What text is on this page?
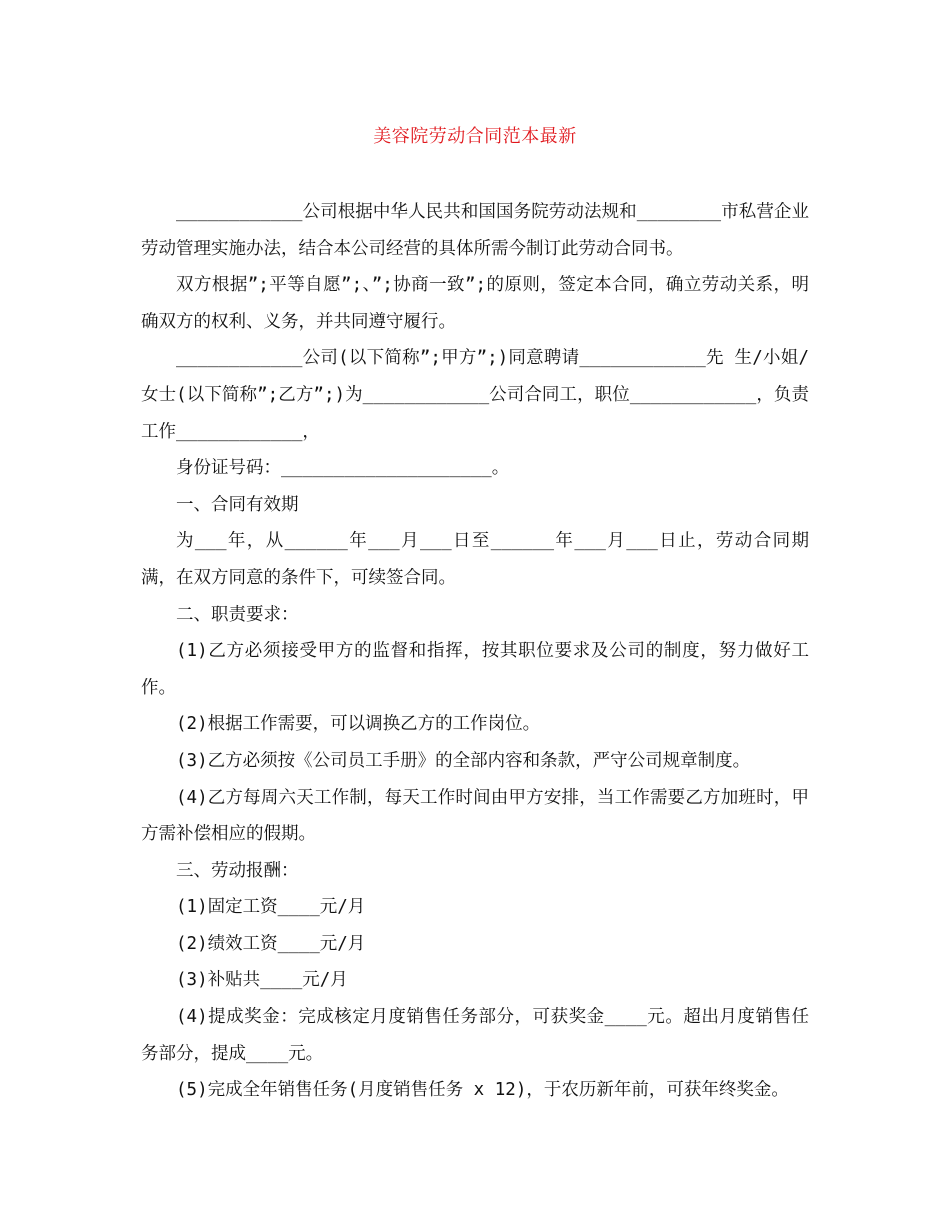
美容院劳动合同范本最新

____________公司根据中华人民共和国国务院劳动法规和________市私营企业劳动管理实施办法，结合本公司经营的具体所需今制订此劳动合同书。

双方根据”;平等自愿”;、”;协商一致”;的原则，签定本合同，确立劳动关系，明确双方的权利、义务，并共同遵守履行。

____________公司(以下简称”;甲方”;)同意聘请____________先 生/小姐/女士(以下简称”;乙方”;)为____________公司合同工，职位____________，负责工作____________，

身份证号码：____________________。

一、合同有效期

为___年，从______年___月___日至______年___月___日止，劳动合同期满，在双方同意的条件下，可续签合同。

二、职责要求：

(1)乙方必须接受甲方的监督和指挥，按其职位要求及公司的制度，努力做好工作。

(2)根据工作需要，可以调换乙方的工作岗位。

(3)乙方必须按《公司员工手册》的全部内容和条款，严守公司规章制度。

(4)乙方每周六天工作制，每天工作时间由甲方安排，当工作需要乙方加班时，甲方需补偿相应的假期。

三、劳动报酬：

(1)固定工资____元/月

(2)绩效工资____元/月

(3)补贴共____元/月

(4)提成奖金：完成核定月度销售任务部分，可获奖金____元。超出月度销售任务部分，提成____元。

(5)完成全年销售任务(月度销售任务 x 12)，于农历新年前，可获年终奖金。
